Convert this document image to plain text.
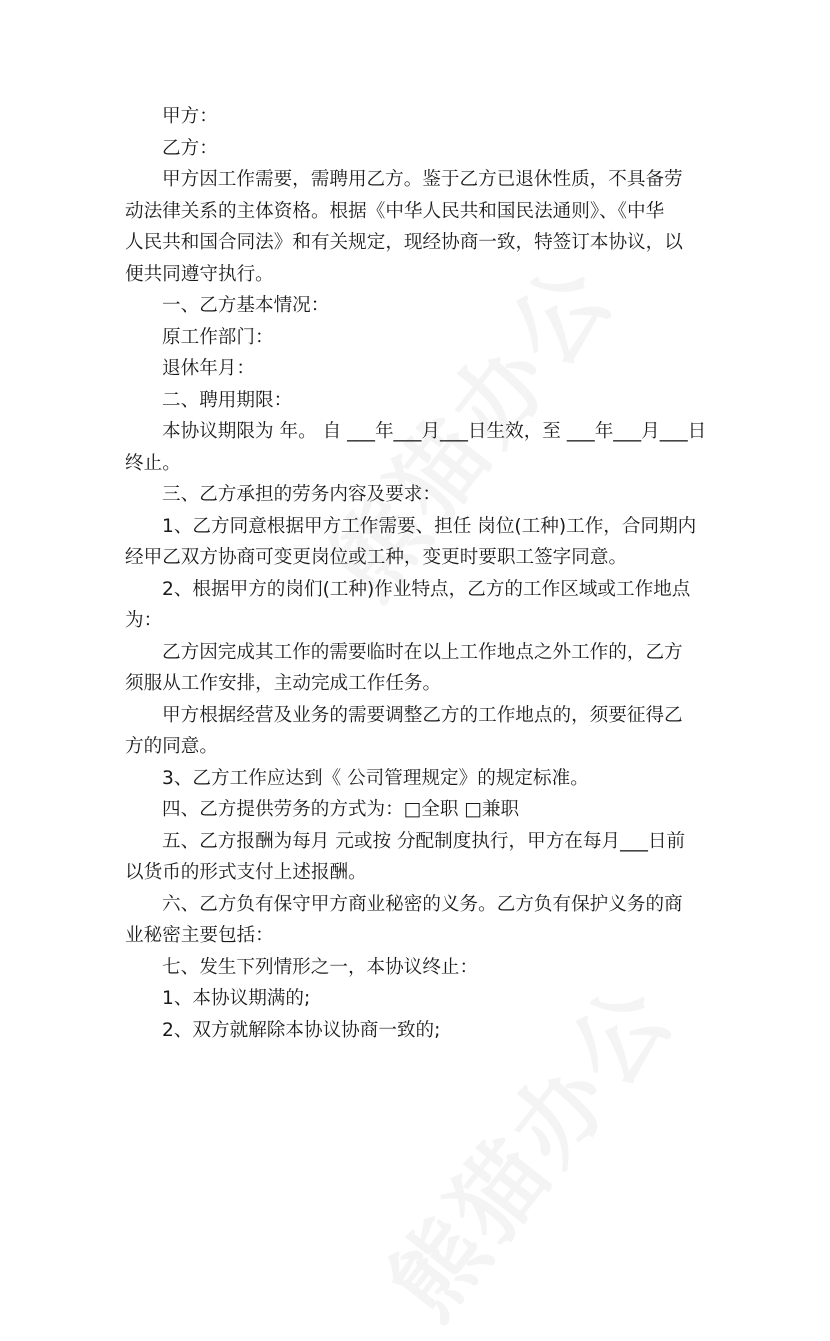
甲方：
乙方：
甲方因工作需要，需聘用乙方。鉴于乙方已退休性质，不具备劳
动法律关系的主体资格。根据《中华人民共和国民法通则》、《中华
人民共和国合同法》和有关规定，现经协商一致，特签订本协议，以
便共同遵守执行。
一、乙方基本情况：
原工作部门：
退休年月：
二、聘用期限：
本协议期限为 年。 自 ___年___月___日生效，至 ___年___月___日
终止。
三、乙方承担的劳务内容及要求：
1、乙方同意根据甲方工作需要、担任 岗位(工种)工作，合同期内
经甲乙双方协商可变更岗位或工种，变更时要职工签字同意。
2、根据甲方的岗们(工种)作业特点，乙方的工作区域或工作地点
为：
乙方因完成其工作的需要临时在以上工作地点之外工作的，乙方
须服从工作安排，主动完成工作任务。
甲方根据经营及业务的需要调整乙方的工作地点的，须要征得乙
方的同意。
3、乙方工作应达到《 公司管理规定》的规定标准。
四、乙方提供劳务的方式为：□全职 □兼职
五、乙方报酬为每月 元或按 分配制度执行，甲方在每月___日前
以货币的形式支付上述报酬。
六、乙方负有保守甲方商业秘密的义务。乙方负有保护义务的商
业秘密主要包括：
七、发生下列情形之一，本协议终止：
1、本协议期满的;
2、双方就解除本协议协商一致的;
